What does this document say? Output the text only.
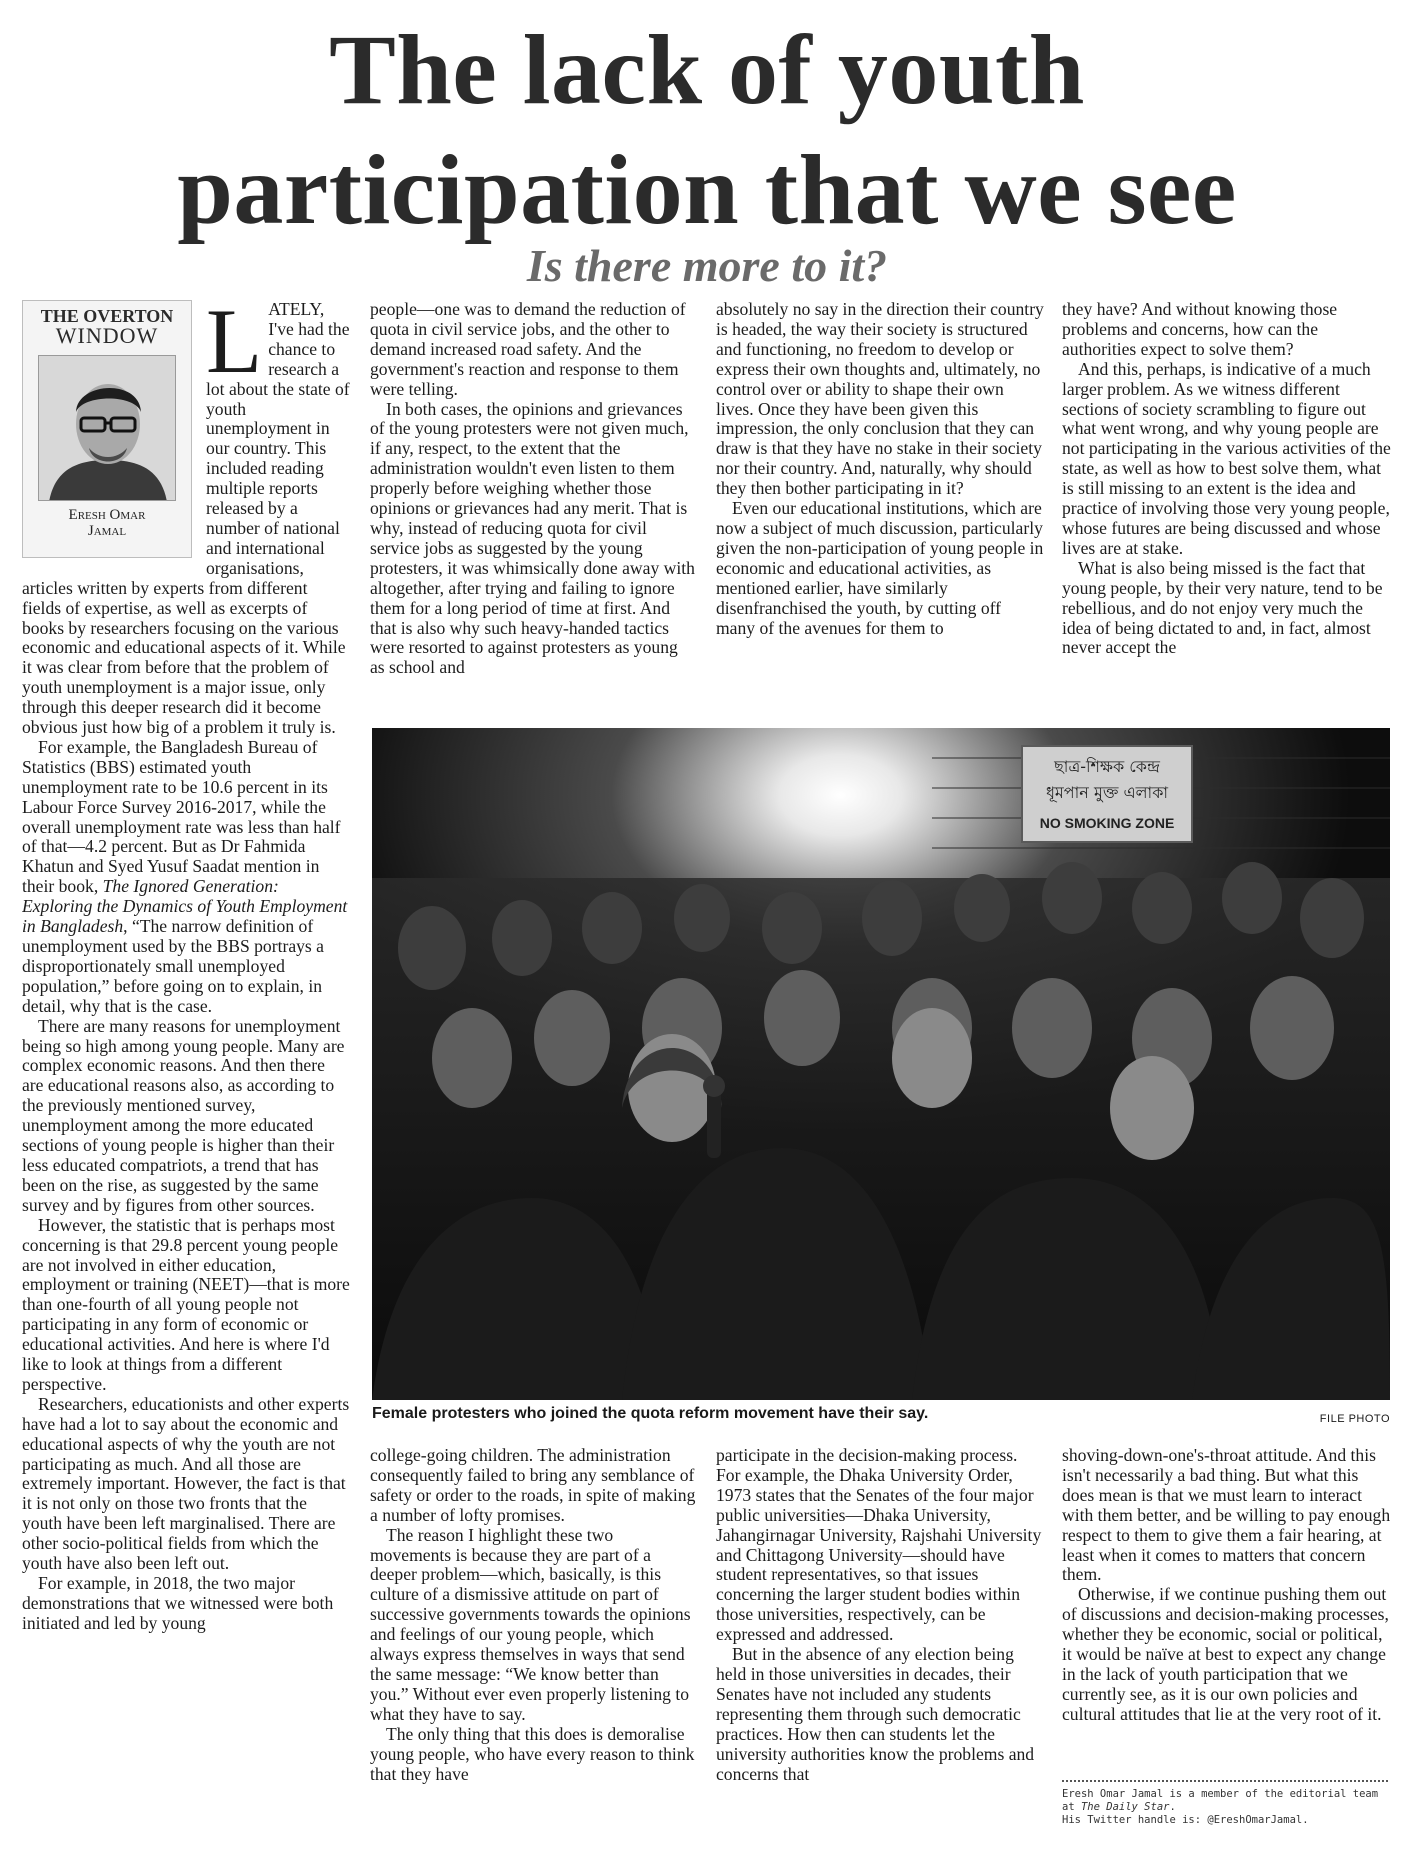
The lack of youth
participation that we see
Is there more to it?
THE OVERTON
WINDOW
Eresh Omar
Jamal

LATELY, I've had the chance to research a lot about the state of youth unemployment in our country. This included reading multiple reports released by a number of national and international organisations, articles written by experts from different fields of expertise, as well as excerpts of books by researchers focusing on the various economic and educational aspects of it. While it was clear from before that the problem of youth unemployment is a major issue, only through this deeper research did it become obvious just how big of a problem it truly is.

For example, the Bangladesh Bureau of Statistics (BBS) estimated youth unemployment rate to be 10.6 percent in its Labour Force Survey 2016-2017, while the overall unemployment rate was less than half of that—4.2 percent. But as Dr Fahmida Khatun and Syed Yusuf Saadat mention in their book, The Ignored Generation: Exploring the Dynamics of Youth Employment in Bangladesh, “The narrow definition of unemployment used by the BBS portrays a disproportionately small unemployed population,” before going on to explain, in detail, why that is the case.

There are many reasons for unemployment being so high among young people. Many are complex economic reasons. And then there are educational reasons also, as according to the previously mentioned survey, unemployment among the more educated sections of young people is higher than their less educated compatriots, a trend that has been on the rise, as suggested by the same survey and by figures from other sources.

However, the statistic that is perhaps most concerning is that 29.8 percent young people are not involved in either education, employment or training (NEET)—that is more than one-fourth of all young people not participating in any form of economic or educational activities. And here is where I'd like to look at things from a different perspective.

Researchers, educationists and other experts have had a lot to say about the economic and educational aspects of why the youth are not participating as much. And all those are extremely important. However, the fact is that it is not only on those two fronts that the youth have been left marginalised. There are other socio-political fields from which the youth have also been left out.

For example, in 2018, the two major demonstrations that we witnessed were both initiated and led by young

people—one was to demand the reduction of quota in civil service jobs, and the other to demand increased road safety. And the government's reaction and response to them were telling.

In both cases, the opinions and grievances of the young protesters were not given much, if any, respect, to the extent that the administration wouldn't even listen to them properly before weighing whether those opinions or grievances had any merit. That is why, instead of reducing quota for civil service jobs as suggested by the young protesters, it was whimsically done away with altogether, after trying and failing to ignore them for a long period of time at first. And that is also why such heavy-handed tactics were resorted to against protesters as young as school and

absolutely no say in the direction their country is headed, the way their society is structured and functioning, no freedom to develop or express their own thoughts and, ultimately, no control over or ability to shape their own lives. Once they have been given this impression, the only conclusion that they can draw is that they have no stake in their society nor their country. And, naturally, why should they then bother participating in it?

Even our educational institutions, which are now a subject of much discussion, particularly given the non-participation of young people in economic and educational activities, as mentioned earlier, have similarly disenfranchised the youth, by cutting off many of the avenues for them to

they have? And without knowing those problems and concerns, how can the authorities expect to solve them?

And this, perhaps, is indicative of a much larger problem. As we witness different sections of society scrambling to figure out what went wrong, and why young people are not participating in the various activities of the state, as well as how to best solve them, what is still missing to an extent is the idea and practice of involving those very young people, whose futures are being discussed and whose lives are at stake.

What is also being missed is the fact that young people, by their very nature, tend to be rebellious, and do not enjoy very much the idea of being dictated to and, in fact, almost never accept the

ছাত্র-শিক্ষক কেন্দ্র
ধূমপান মুক্ত এলাকা
NO SMOKING ZONE
Female protesters who joined the quota reform movement have their say.	FILE PHOTO

college-going children. The administration consequently failed to bring any semblance of safety or order to the roads, in spite of making a number of lofty promises.

The reason I highlight these two movements is because they are part of a deeper problem—which, basically, is this culture of a dismissive attitude on part of successive governments towards the opinions and feelings of our young people, which always express themselves in ways that send the same message: “We know better than you.” Without ever even properly listening to what they have to say.

The only thing that this does is demoralise young people, who have every reason to think that they have

participate in the decision-making process. For example, the Dhaka University Order, 1973 states that the Senates of the four major public universities—Dhaka University, Jahangirnagar University, Rajshahi University and Chittagong University—should have student representatives, so that issues concerning the larger student bodies within those universities, respectively, can be expressed and addressed.

But in the absence of any election being held in those universities in decades, their Senates have not included any students representing them through such democratic practices. How then can students let the university authorities know the problems and concerns that

shoving-down-one's-throat attitude. And this isn't necessarily a bad thing. But what this does mean is that we must learn to interact with them better, and be willing to pay enough respect to them to give them a fair hearing, at least when it comes to matters that concern them.

Otherwise, if we continue pushing them out of discussions and decision-making processes, whether they be economic, social or political, it would be naïve at best to expect any change in the lack of youth participation that we currently see, as it is our own policies and cultural attitudes that lie at the very root of it.

Eresh Omar Jamal is a member of the editorial team
at The Daily Star.
His Twitter handle is: @EreshOmarJamal.
